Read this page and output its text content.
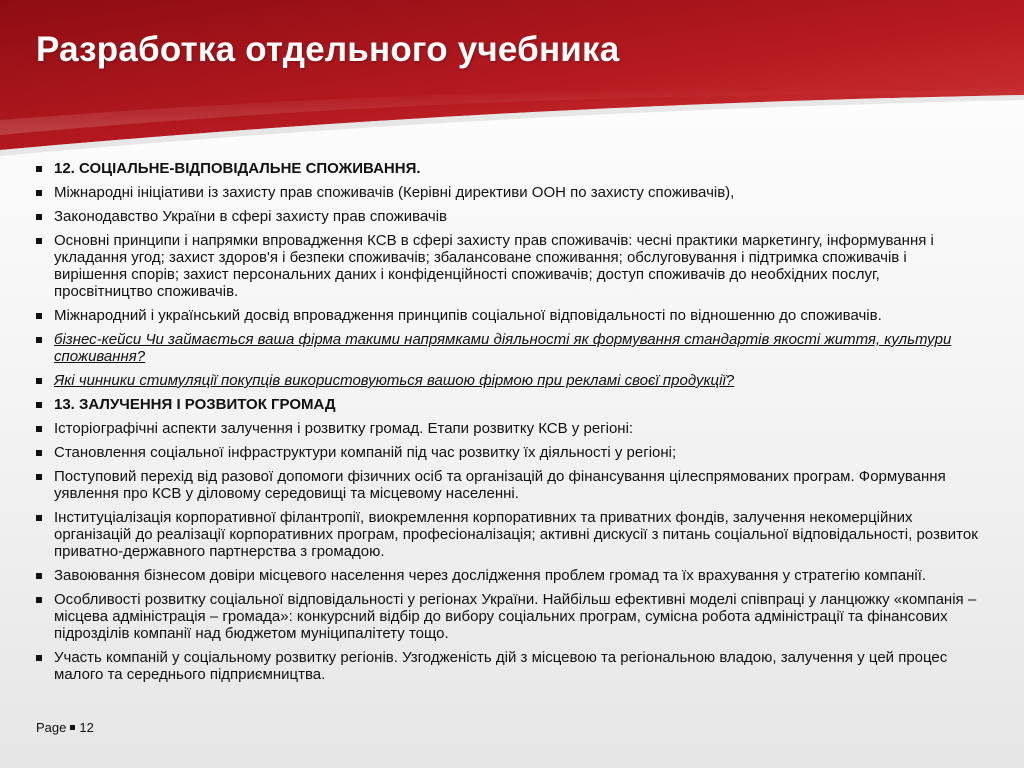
Разработка отдельного учебника
12. СОЦІАЛЬНЕ-ВІДПОВІДАЛЬНЕ СПОЖИВАННЯ.
Міжнародні ініціативи із захисту прав споживачів (Керівні директиви ООН по захисту споживачів),
Законодавство України в сфері захисту прав споживачів
Основні принципи і напрямки впровадження КСВ в сфері захисту прав споживачів: чесні практики маркетингу, інформування і укладання угод; захист здоров'я і безпеки споживачів; збалансоване споживання; обслуговування і підтримка споживачів і вирішення спорів; захист персональних даних і конфіденційності споживачів; доступ споживачів до необхідних послуг, просвітництво споживачів.
Міжнародний і український досвід впровадження принципів соціальної відповідальності по відношенню до споживачів.
бізнес-кейси Чи займається ваша фірма такими напрямками діяльності як формування стандартів якості життя, культури споживання?
Які чинники стимуляції покупців використовуються вашою фірмою при рекламі своєї продукції?
13. ЗАЛУЧЕННЯ І РОЗВИТОК ГРОМАД
Історіографічні аспекти залучення і розвитку громад. Етапи розвитку КСВ у регіоні:
Становлення соціальної інфраструктури компаній під час розвитку їх діяльності у регіоні;
Поступовий перехід від разової допомоги фізичних осіб та організацій до фінансування цілеспрямованих програм. Формування уявлення про КСВ у діловому середовищі та місцевому населенні.
Інституціалізація корпоративної філантропії, виокремлення корпоративних та приватних фондів, залучення некомерційних організацій до реалізації корпоративних програм, професіоналізація; активні дискусії з питань соціальної відповідальності, розвиток приватно-державного партнерства з громадою.
Завоювання бізнесом довіри місцевого населення через дослідження проблем громад та їх врахування у стратегію компанії.
Особливості розвитку соціальної відповідальності у регіонах України. Найбільш ефективні моделі співпраці у ланцюжку «компанія – місцева адміністрація – громада»: конкурсний відбір до вибору соціальних програм, сумісна робота адміністрації та фінансових підрозділів компанії над бюджетом муніципалітету тощо.
Участь компаній у соціальному розвитку регіонів. Узгодженість дій з місцевою та регіональною владою, залучення у цей процес малого та середнього підприємництва.
Page 12
